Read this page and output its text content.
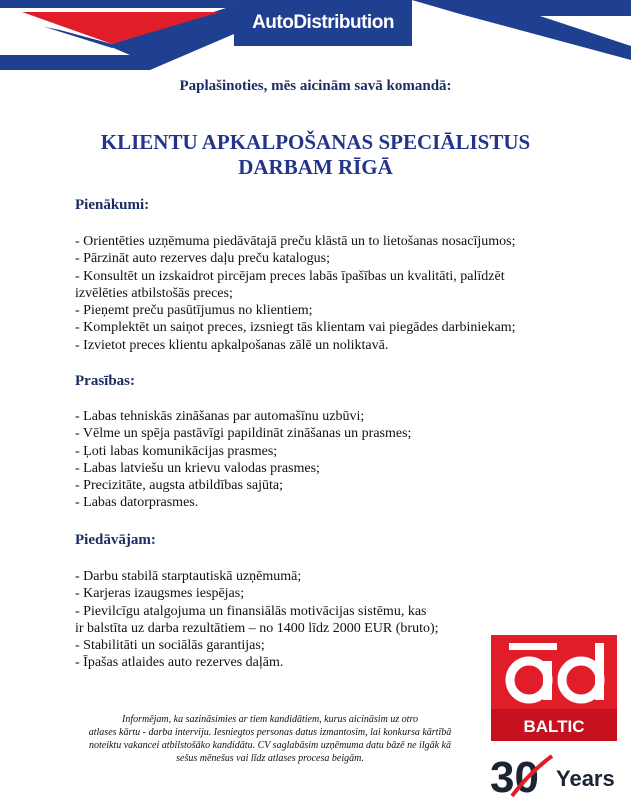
AutoDistribution
Paplašinoties, mēs aicinām savā komandā:
KLIENTU APKALPOŠANAS SPECIĀLISTUS
DARBAM RĪGĀ
Pienākumi:
- Orientēties uzņēmuma piedāvātajā preču klāstā un to lietošanas nosacījumos;
- Pārzināt auto rezerves daļu preču katalogus;
- Konsultēt un izskaidrot pircējam preces labās īpašības un kvalitāti, palīdzēt
izvēlēties atbilstošās preces;
- Pieņemt preču pasūtījumus no klientiem;
- Komplektēt un saiņot preces, izsniegt tās klientam vai piegādes darbiniekam;
- Izvietot preces klientu apkalpošanas zālē un noliktavā.
Prasības:
- Labas tehniskās zināšanas par automašīnu uzbūvi;
- Vēlme un spēja pastāvīgi papildināt zināšanas un prasmes;
- Ļoti labas komunikācijas prasmes;
- Labas latviešu un krievu valodas prasmes;
- Precizitāte, augsta atbildības sajūta;
- Labas datorprasmes.
Piedāvājam:
- Darbu stabilā starptautiskā uzņēmumā;
- Karjeras izaugsmes iespējas;
- Pievilcīgu atalgojuma un finansiālās motivācijas sistēmu, kas
ir balstīta uz darba rezultātiem – no 1400 līdz 2000 EUR (bruto);
- Stabilitāti un sociālās garantijas;
- Īpašas atlaides auto rezerves daļām.
Informējam, ka sazināsimies ar tiem kandidātiem, kurus aicināsim uz otro
atlases kārtu - darba interviju. Iesniegtos personas datus izmantosim, lai konkursa kārtībā
noteiktu vakancei atbilstošāko kandidātu. CV saglabāsim uzņēmuma datu bāzē ne ilgāk kā
sešus mēnešus vai līdz atlases procesa beigām.
BALTIC
30 Years
